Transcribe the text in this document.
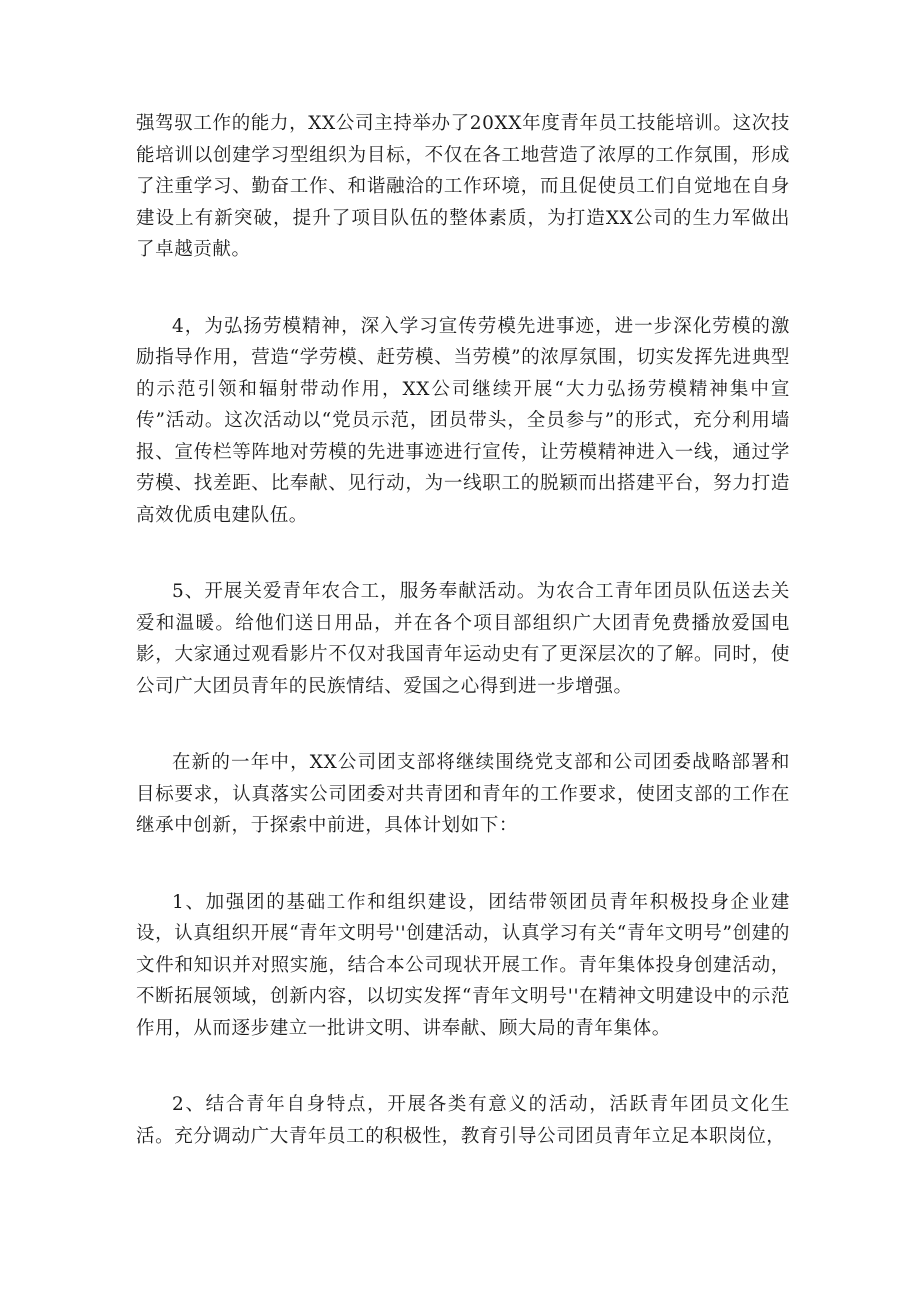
强驾驭工作的能力，XX公司主持举办了20XX年度青年员工技能培训。这次技能培训以创建学习型组织为目标，不仅在各工地营造了浓厚的工作氛围，形成了注重学习、勤奋工作、和谐融洽的工作环境，而且促使员工们自觉地在自身建设上有新突破，提升了项目队伍的整体素质，为打造XX公司的生力军做出了卓越贡献。

4，为弘扬劳模精神，深入学习宣传劳模先进事迹，进一步深化劳模的激励指导作用，营造“学劳模、赶劳模、当劳模”的浓厚氛围，切实发挥先进典型的示范引领和辐射带动作用，XX公司继续开展“大力弘扬劳模精神集中宣传”活动。这次活动以“党员示范，团员带头，全员参与”的形式，充分利用墙报、宣传栏等阵地对劳模的先进事迹进行宣传，让劳模精神进入一线，通过学劳模、找差距、比奉献、见行动，为一线职工的脱颖而出搭建平台，努力打造高效优质电建队伍。

5、开展关爱青年农合工，服务奉献活动。为农合工青年团员队伍送去关爱和温暖。给他们送日用品，并在各个项目部组织广大团青免费播放爱国电影，大家通过观看影片不仅对我国青年运动史有了更深层次的了解。同时，使公司广大团员青年的民族情结、爱国之心得到进一步增强。

在新的一年中，XX公司团支部将继续围绕党支部和公司团委战略部署和目标要求，认真落实公司团委对共青团和青年的工作要求，使团支部的工作在继承中创新，于探索中前进，具体计划如下：

1、加强团的基础工作和组织建设，团结带领团员青年积极投身企业建设，认真组织开展“青年文明号''创建活动，认真学习有关“青年文明号”创建的文件和知识并对照实施，结合本公司现状开展工作。青年集体投身创建活动，不断拓展领域，创新内容，以切实发挥“青年文明号''在精神文明建设中的示范作用，从而逐步建立一批讲文明、讲奉献、顾大局的青年集体。

2、结合青年自身特点，开展各类有意义的活动，活跃青年团员文化生活。充分调动广大青年员工的积极性，教育引导公司团员青年立足本职岗位，
